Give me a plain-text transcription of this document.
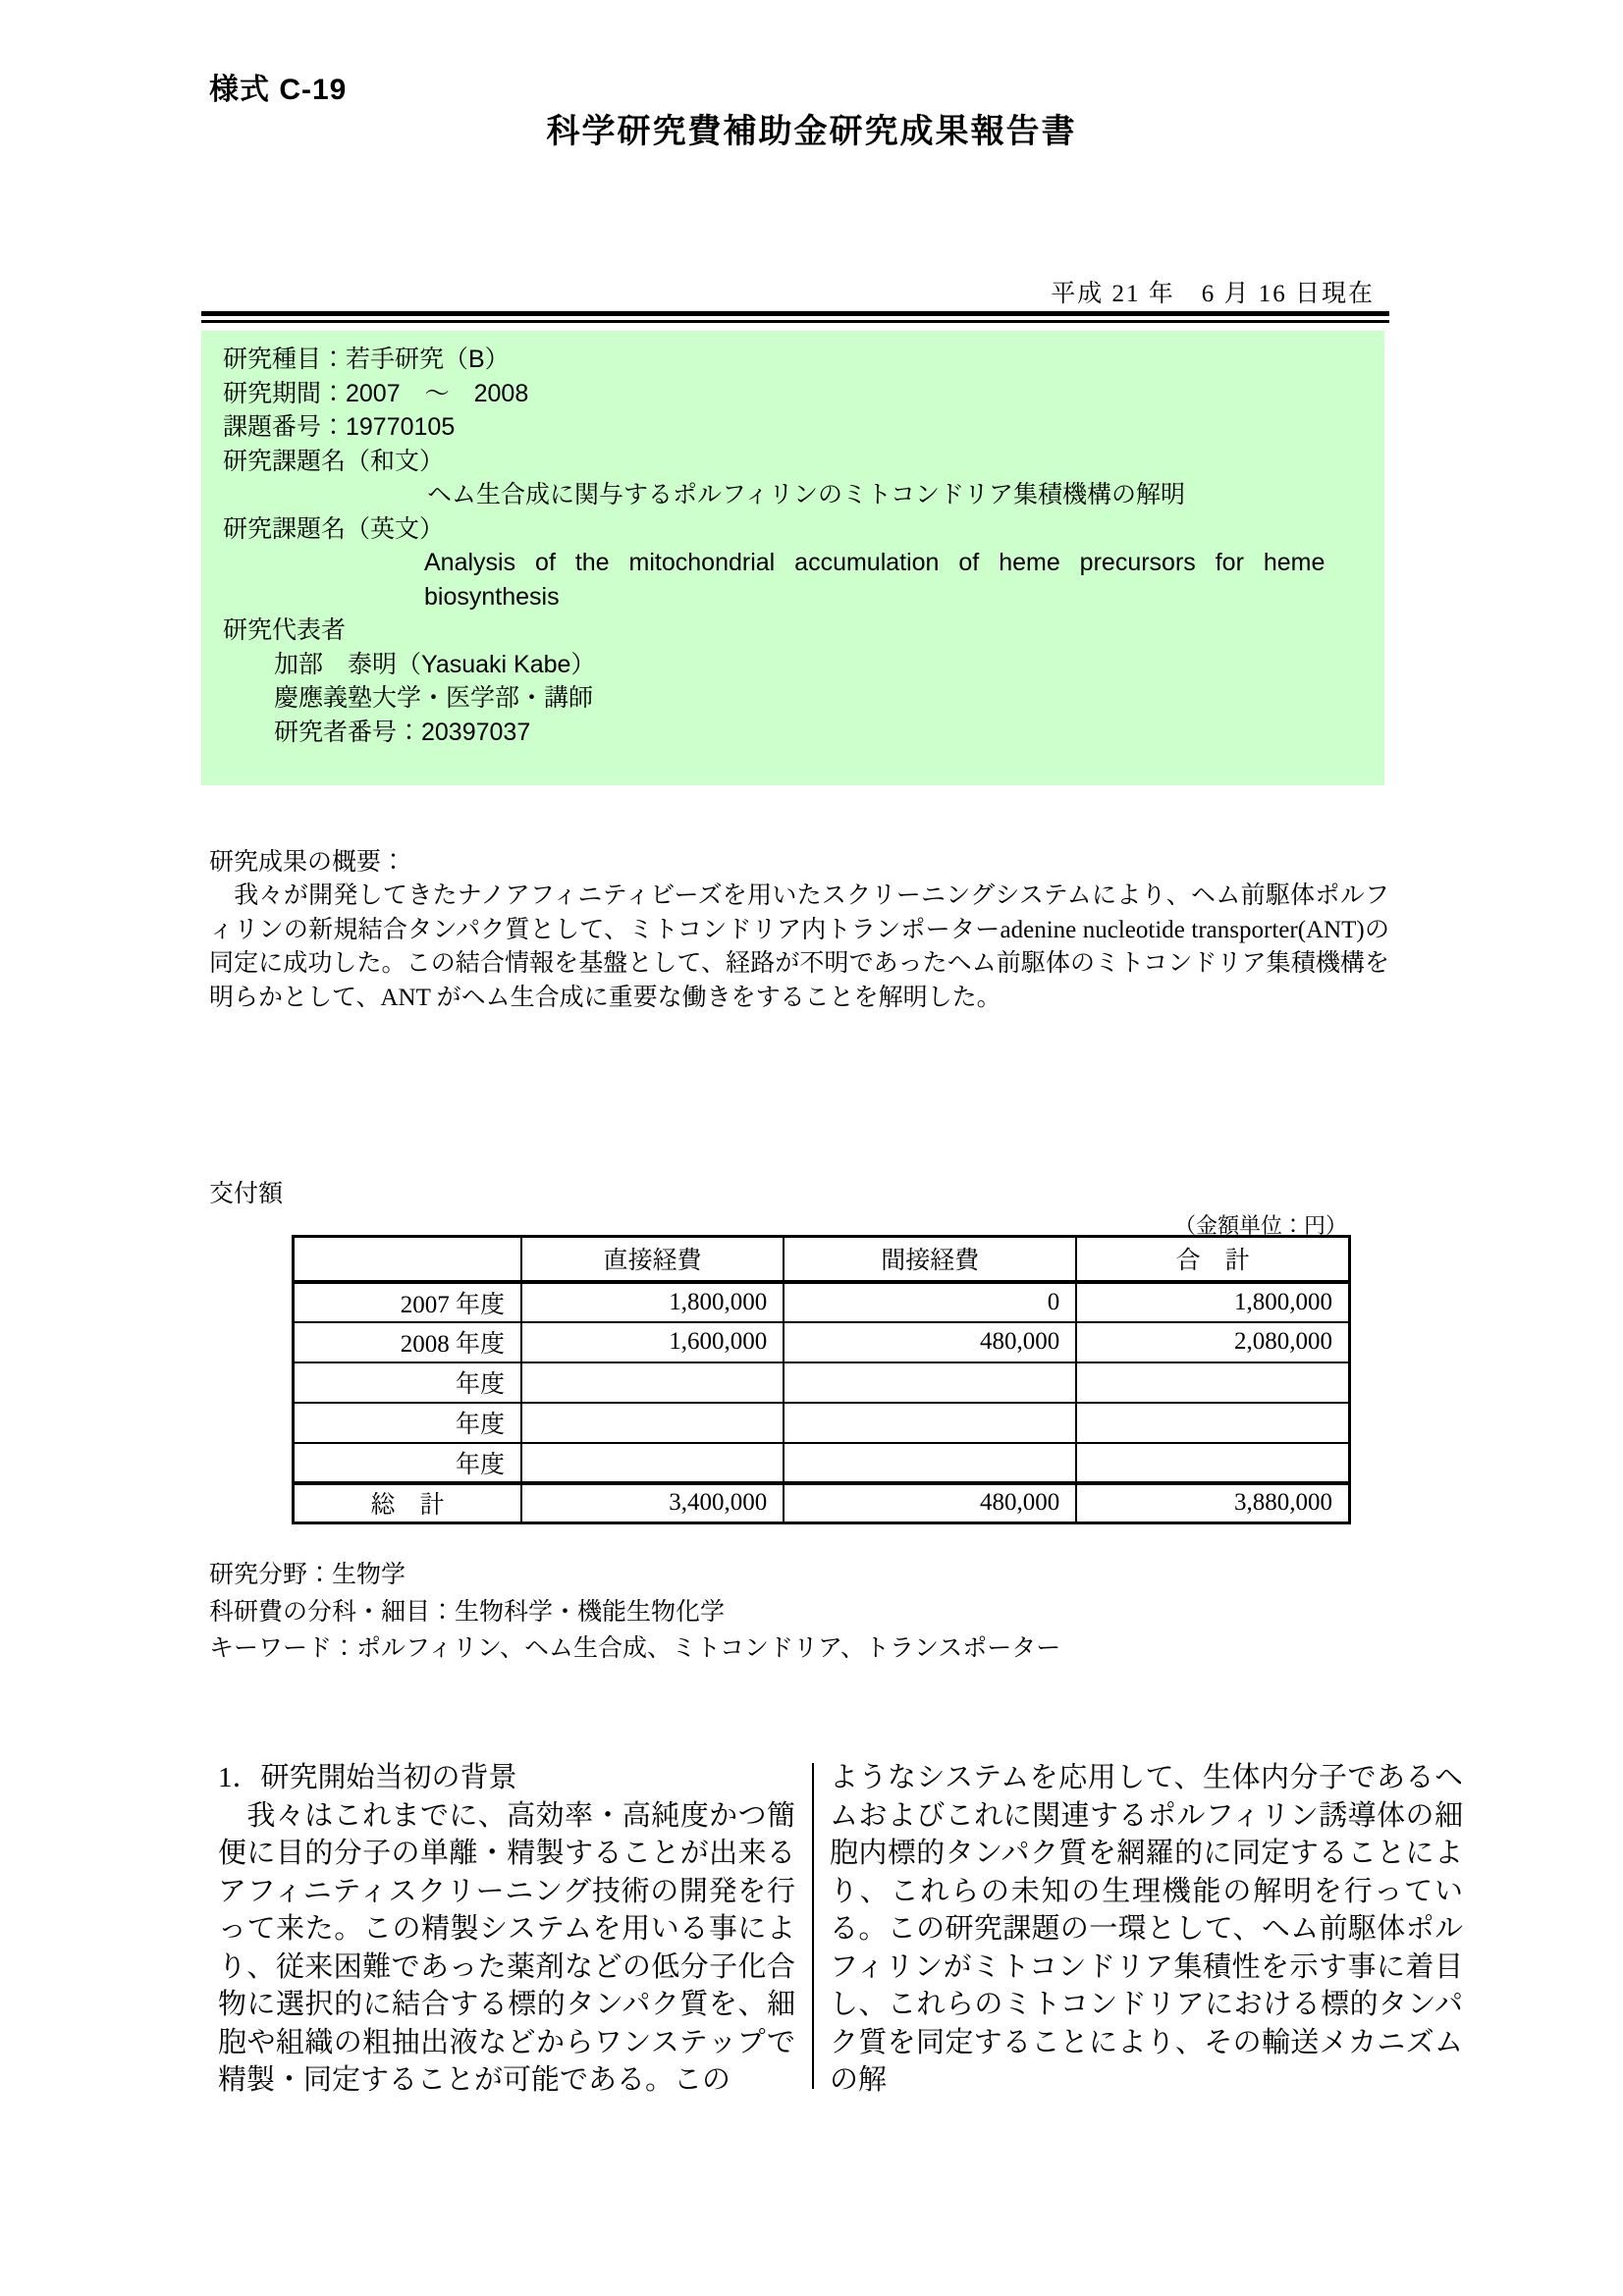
様式 C-19
科学研究費補助金研究成果報告書
平成 21 年　6 月 16 日現在
研究種目：若手研究（B）
研究期間：2007　～　2008
課題番号：19770105
研究課題名（和文）
ヘム生合成に関与するポルフィリンのミトコンドリア集積機構の解明
研究課題名（英文）
Analysis of the mitochondrial accumulation of heme precursors for heme
biosynthesis
研究代表者
加部　泰明（Yasuaki Kabe）
慶應義塾大学・医学部・講師
研究者番号：20397037
研究成果の概要：
　我々が開発してきたナノアフィニティビーズを用いたスクリーニングシステムにより、ヘム前駆体ポルフィリンの新規結合タンパク質として、ミトコンドリア内トランポーターadenine nucleotide transporter(ANT)の同定に成功した。この結合情報を基盤として、経路が不明であったヘム前駆体のミトコンドリア集積機構を明らかとして、ANT がヘム生合成に重要な働きをすることを解明した。
交付額
（金額単位：円）
	直接経費	間接経費	合　計
2007 年度	1,800,000	0	1,800,000
2008 年度	1,600,000	480,000	2,080,000
年度			
年度			
年度			
総　計	3,400,000	480,000	3,880,000
研究分野：生物学
科研費の分科・細目：生物科学・機能生物化学
キーワード：ポルフィリン、ヘム生合成、ミトコンドリア、トランスポーター
1．研究開始当初の背景
　我々はこれまでに、高効率・高純度かつ簡便に目的分子の単離・精製することが出来るアフィニティスクリーニング技術の開発を行って来た。この精製システムを用いる事により、従来困難であった薬剤などの低分子化合物に選択的に結合する標的タンパク質を、細胞や組織の粗抽出液などからワンステップで精製・同定することが可能である。この
ようなシステムを応用して、生体内分子であるヘムおよびこれに関連するポルフィリン誘導体の細胞内標的タンパク質を網羅的に同定することにより、これらの未知の生理機能の解明を行っている。この研究課題の一環として、ヘム前駆体ポルフィリンがミトコンドリア集積性を示す事に着目し、これらのミトコンドリアにおける標的タンパク質を同定することにより、その輸送メカニズムの解
